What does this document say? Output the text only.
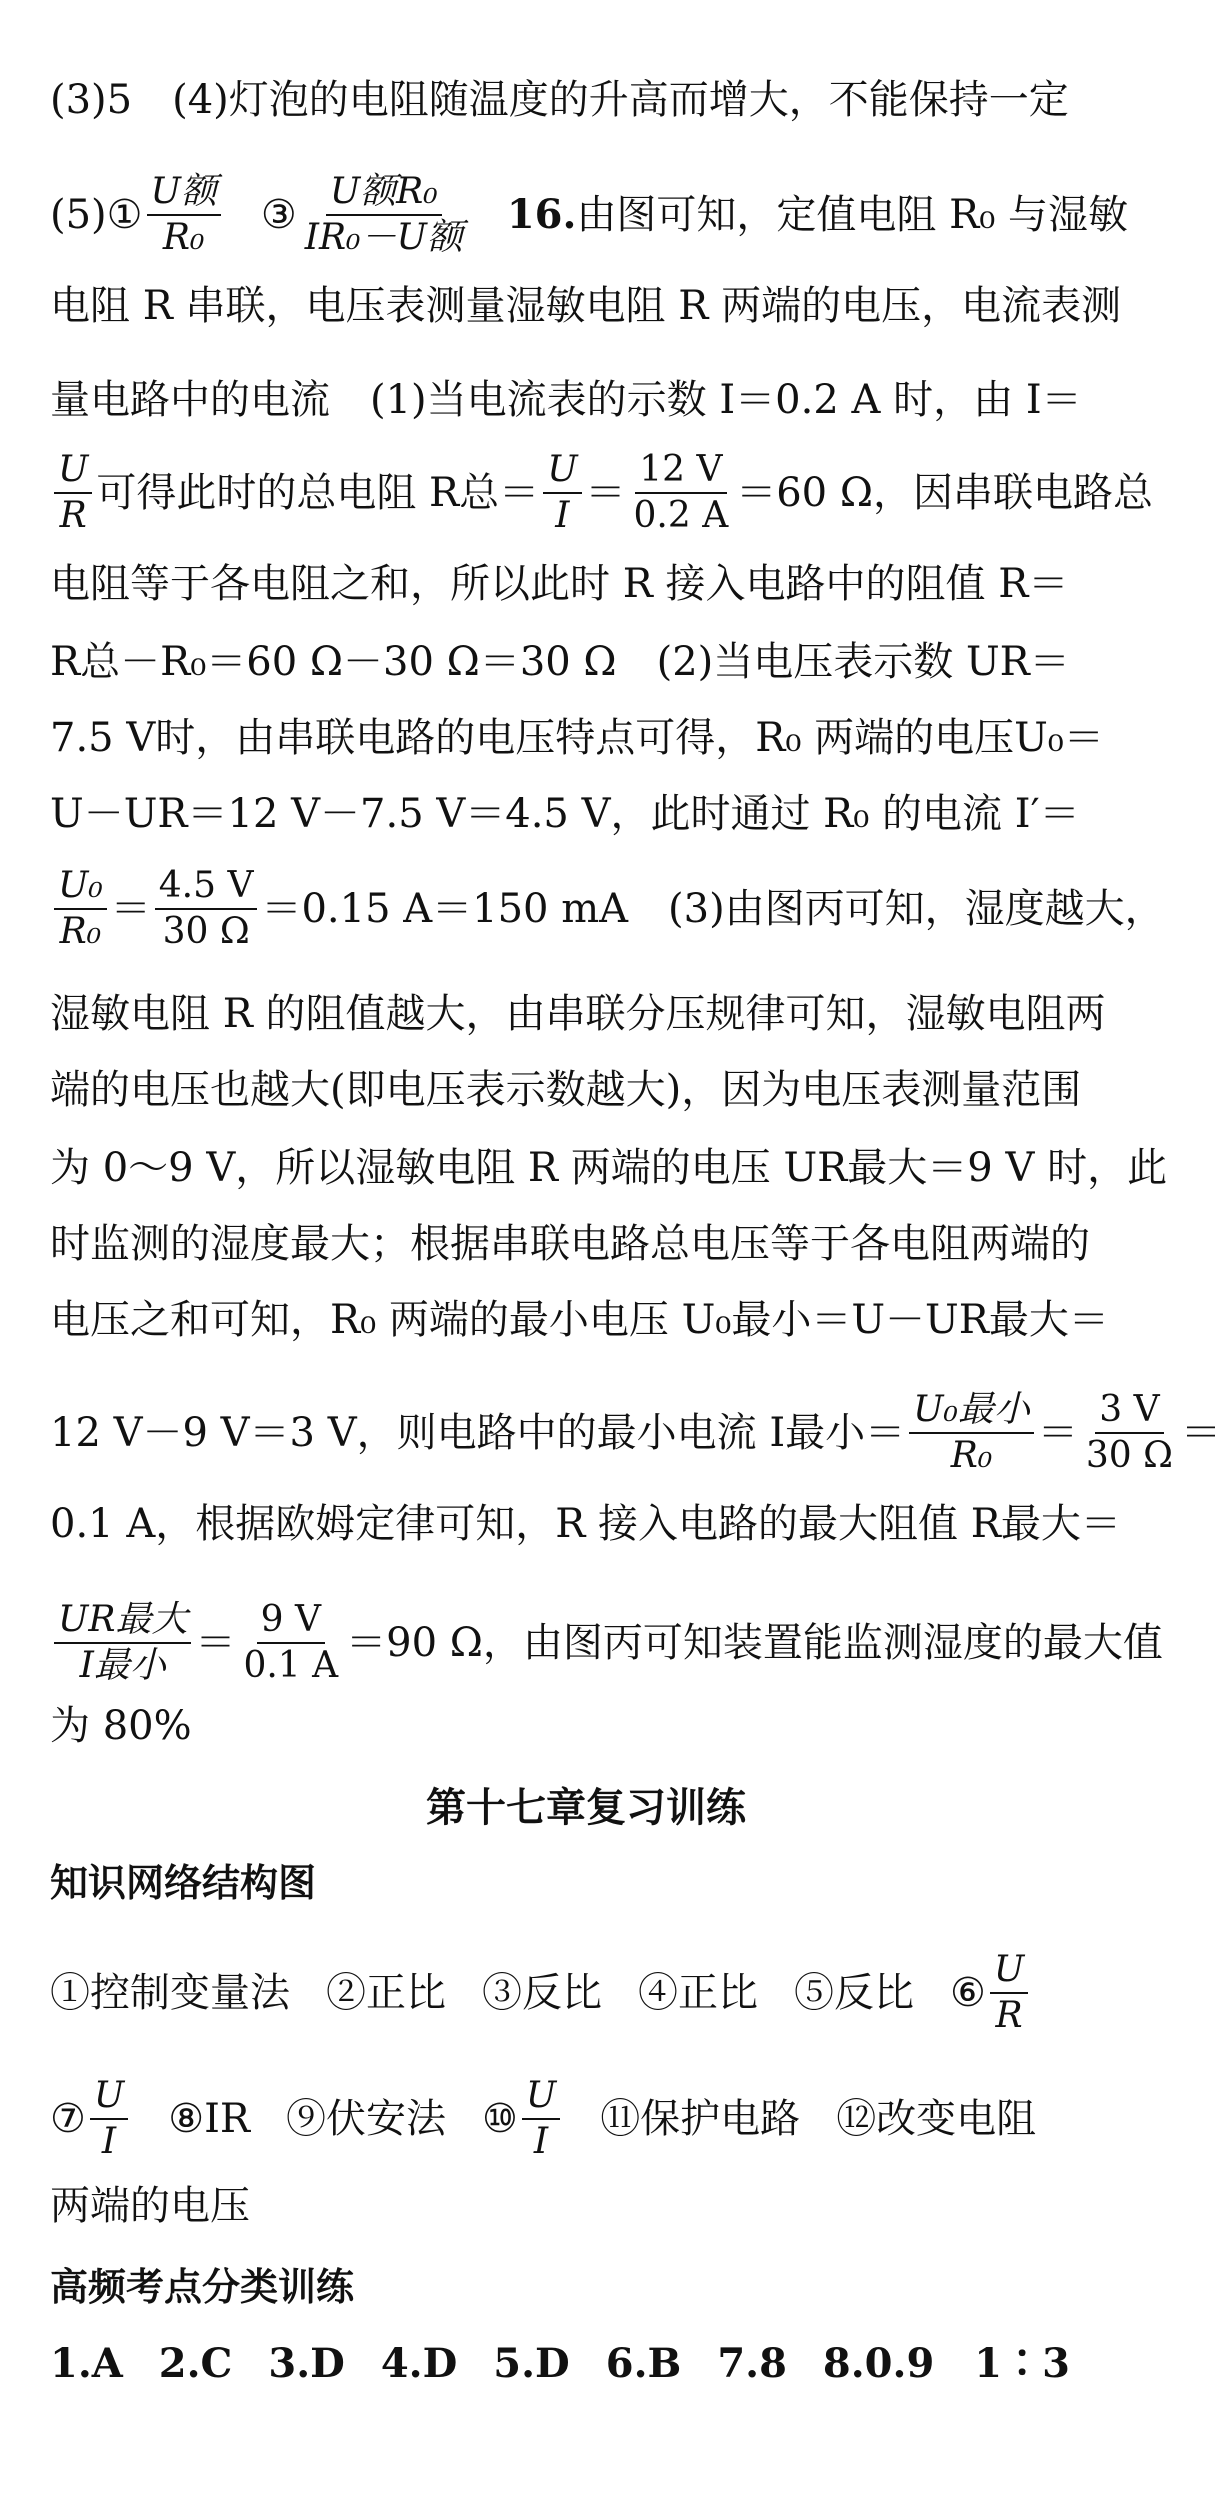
(3)5　(4)灯泡的电阻随温度的升高而增大，不能保持一定
(5)① $\frac{\text{U额}}{\text{R₀}}$ ③ $\frac{\text{U额R₀}}{\text{IR₀－U额}} 16$. 由图可知，定值电阻 R₀ 与湿敏
电阻 R 串联，电压表测量湿敏电阻 R 两端的电压，电流表测
量电路中的电流　(1)当电流表的示数 I＝0.2 A 时，由 I＝
$\frac{U}{R}$ 可得此时的总电阻 R总＝ $\frac{U}{I} = \frac{12 V}{0.2 A} =60$ Ω，因串联电路总
电阻等于各电阻之和，所以此时 R 接入电路中的阻值 R＝
R总－R₀＝60 Ω－30 Ω＝30 Ω　(2)当电压表示数 UR＝
7.5 V时，由串联电路的电压特点可得，R₀ 两端的电压U₀＝
U－UR＝12 V－7.5 V＝4.5 V，此时通过 R₀ 的电流 I′＝
$\frac{\text{U₀}}{\text{R₀}} = \frac{4.5 V}{30 \Omega} =0.15$ A＝150 mA　(3)由图丙可知，湿度越大，
湿敏电阻 R 的阻值越大，由串联分压规律可知，湿敏电阻两
端的电压也越大(即电压表示数越大)，因为电压表测量范围
为 0～9 V，所以湿敏电阻 R 两端的电压 UR最大＝9 V 时，此
时监测的湿度最大；根据串联电路总电压等于各电阻两端的
电压之和可知，R₀ 两端的最小电压 U₀最小＝U－UR最大＝
12 V－9 V＝3 V，则电路中的最小电流 I最小＝ $\frac{\text{U₀最小}}{\text{R₀}} = \frac{3 V}{30 \Omega}$ ＝
0.1 A，根据欧姆定律可知，R 接入电路的最大阻值 R最大＝
$\frac{\text{UR最大}}{\text{I最小}} = \frac{9 V}{0.1 A} =90$ Ω，由图丙可知装置能监测湿度的最大值
为 80%
第十七章复习训练
知识网络结构图
①控制变量法 ②正比 ③反比 ④正比 ⑤反比 ⑥ $\frac{U}{R}$
⑦ $\frac{U}{I}$ ⑧IR ⑨伏安法 ⑩ $\frac{U}{I}$ ⑪保护电路 ⑫改变电阻
两端的电压
高频考点分类训练
1.A 2.C 3.D 4.D 5.D 6.B 7.8 8.0.9　1∶3
